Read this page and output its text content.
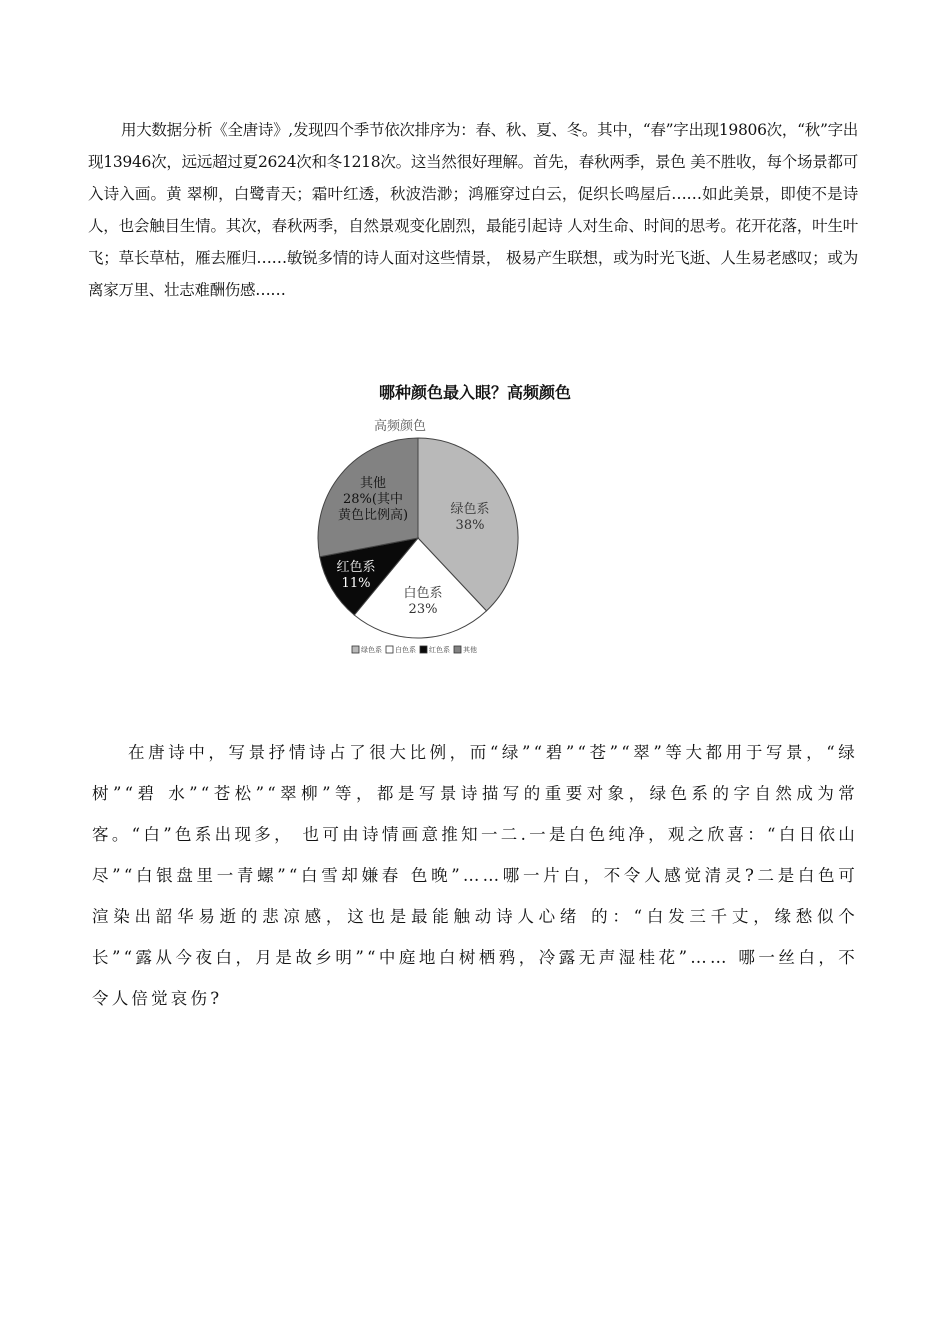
用大数据分析《全唐诗》,发现四个季节依次排序为：春、秋、夏、冬。其中，“春”字出现19806次，“秋”字出现13946次，远远超过夏2624次和冬1218次。这当然很好理解。首先，春秋两季，景色 美不胜收，每个场景都可入诗入画。黄 翠柳，白鹭青天；霜叶红透，秋波浩渺；鸿雁穿过白云，促织长鸣屋后……如此美景，即使不是诗人，也会触目生情。其次，春秋两季，自然景观变化剧烈，最能引起诗 人对生命、时间的思考。花开花落，叶生叶飞；草长草枯，雁去雁归……敏锐多情的诗人面对这些情景， 极易产生联想，或为时光飞逝、人生易老感叹；或为离家万里、壮志难酬伤感……

哪种颜色最入眼？高频颜色
高频颜色
绿色系
38%
白色系
23%
红色系
11%
其他
28%(其中
黄色比例高)
绿色系 白色系 红色系 其他

在唐诗中，写景抒情诗占了很大比例，而“绿”“碧”“苍”“翠”等大都用于写景，“绿树”“碧 水”“苍松”“翠柳”等，都是写景诗描写的重要对象，绿色系的字自然成为常客。“白”色系出现多， 也可由诗情画意推知一二.一是白色纯净，观之欣喜：“白日依山尽”“白银盘里一青螺”“白雪却嫌春 色晚”……哪一片白，不令人感觉清灵?二是白色可渲染出韶华易逝的悲凉感，这也是最能触动诗人心绪 的：“白发三千丈，缘愁似个长”“露从今夜白，月是故乡明”“中庭地白树栖鸦，冷露无声湿桂花”…… 哪一丝白，不令人倍觉哀伤?
